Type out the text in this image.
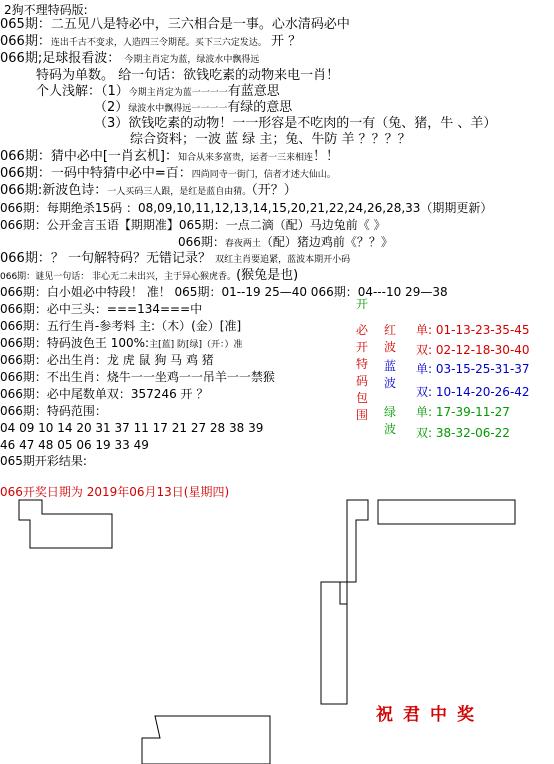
2狗不理特码版:
065期：二五见八是特必中，三六相合是一事。心水清码必中
066期：连出千古不变求，人造四三令期琵。买下三六定发达。 开 ？
066期;足球报看波： 今期主肖定为蓝，绿波水中飘得远
特码为单数。 给一句话：欲钱吃素的动物来电一肖！
个人浅解：（1）今期主肖定为蓝一一一一有蓝意思
（2）绿波水中飘得远一一一一有绿的意思
（3）欲钱吃素的动物！一一形容是不吃肉的一有（兔、猪，牛 、羊）
综合资料；一波 蓝 绿 主；兔、牛防 羊 ？？？？
066期：猜中必中[一肖玄机]：知合从来多富贵，运者一三来相连！！
066期：一码中特猜中必中=百：四尚同寺一街门，信者才述大仙山。
066期:新波色诗：一人买码三人跟，是红是蓝自由猜。（开？）
066期：每期绝杀15码 ：08,09,10,11,12,13,14,15,20,21,22,24,26,28,33（期期更新）
066期：公开金言玉语【期期准】065期：一点二滴（配）马边兔前《 》
066期：春夜两土（配）猪边鸡前《？？》
066期：？ 一句解特码？无错记录？ 双红主肖要追紧，蓝波本期开小码
066期：谜见一句话： 非心无二未出兴，主于异心猴虎香。(猴兔是也)
066期：白小姐必中特段！ 准！ 065期：01--19 25—40 066期：04---10 29—38
066期：必中三头：===134===中
066期：五行生肖-参考料 主:（木）(金）[准]
066期：特码波色王 100%:主[蓝] 防[绿]（开：）准
066期：必出生肖：龙 虎 鼠 狗 马 鸡 猪
066期：不出生肖：烧牛一一坐鸡一一吊羊一一禁猴
066期：必中尾数单双：357246 开 ？
066期：特码范围：
04 09 10 14 20 31 37 11 17 21 27 28 38 39
46 47 48 05 06 19 33 49
开
必开特码包围
红波
蓝波
绿波
单: 01-13-23-35-45
双: 02-12-18-30-40
单: 03-15-25-31-37
双: 10-14-20-26-42
单: 17-39-11-27
双: 38-32-06-22
065期开彩结果:
066开奖日期为 2019年06月13日(星期四)
祝君中奖
